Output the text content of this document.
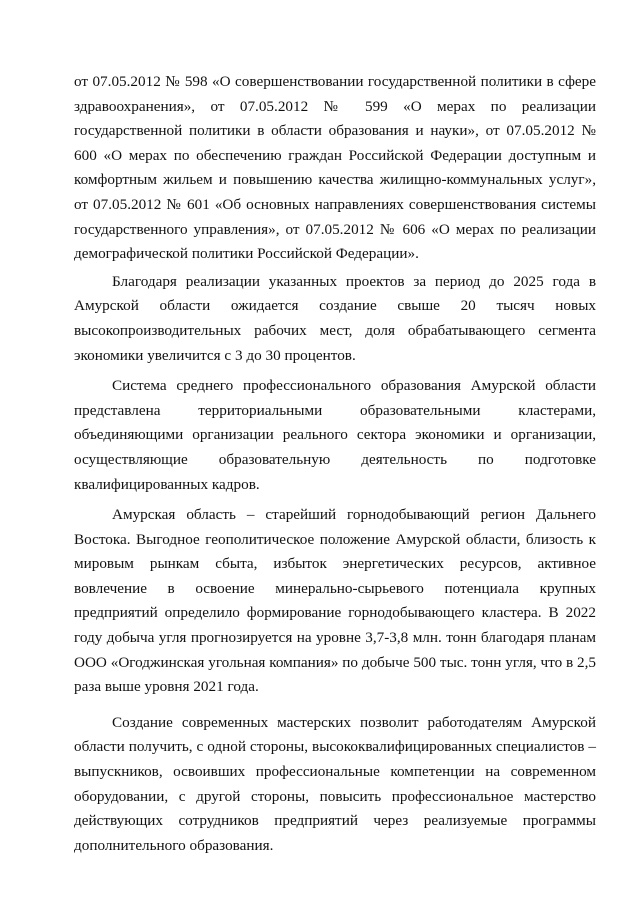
от 07.05.2012 № 598 «О совершенствовании государственной политики в сфере здравоохранения», от 07.05.2012 № 599 «О мерах по реализации государственной политики в области образования и науки», от 07.05.2012 № 600 «О мерах по обеспечению граждан Российской Федерации доступным и комфортным жильем и повышению качества жилищно-коммунальных услуг», от 07.05.2012 № 601 «Об основных направлениях совершенствования системы государственного управления», от 07.05.2012 № 606 «О мерах по реализации демографической политики Российской Федерации».

Благодаря реализации указанных проектов за период до 2025 года в Амурской области ожидается создание свыше 20 тысяч новых высокопроизводительных рабочих мест, доля обрабатывающего сегмента экономики увеличится с 3 до 30 процентов.

Система среднего профессионального образования Амурской области представлена территориальными образовательными кластерами, объединяющими организации реального сектора экономики и организации, осуществляющие образовательную деятельность по подготовке квалифицированных кадров.

Амурская область – старейший горнодобывающий регион Дальнего Востока. Выгодное геополитическое положение Амурской области, близость к мировым рынкам сбыта, избыток энергетических ресурсов, активное вовлечение в освоение минерально-сырьевого потенциала крупных предприятий определило формирование горнодобывающего кластера. В 2022 году добыча угля прогнозируется на уровне 3,7-3,8 млн. тонн благодаря планам ООО «Огоджинская угольная компания» по добыче 500 тыс. тонн угля, что в 2,5 раза выше уровня 2021 года.

Создание современных мастерских позволит работодателям Амурской области получить, с одной стороны, высококвалифицированных специалистов – выпускников, освоивших профессиональные компетенции на современном оборудовании, с другой стороны, повысить профессиональное мастерство действующих сотрудников предприятий через реализуемые программы дополнительного образования.
